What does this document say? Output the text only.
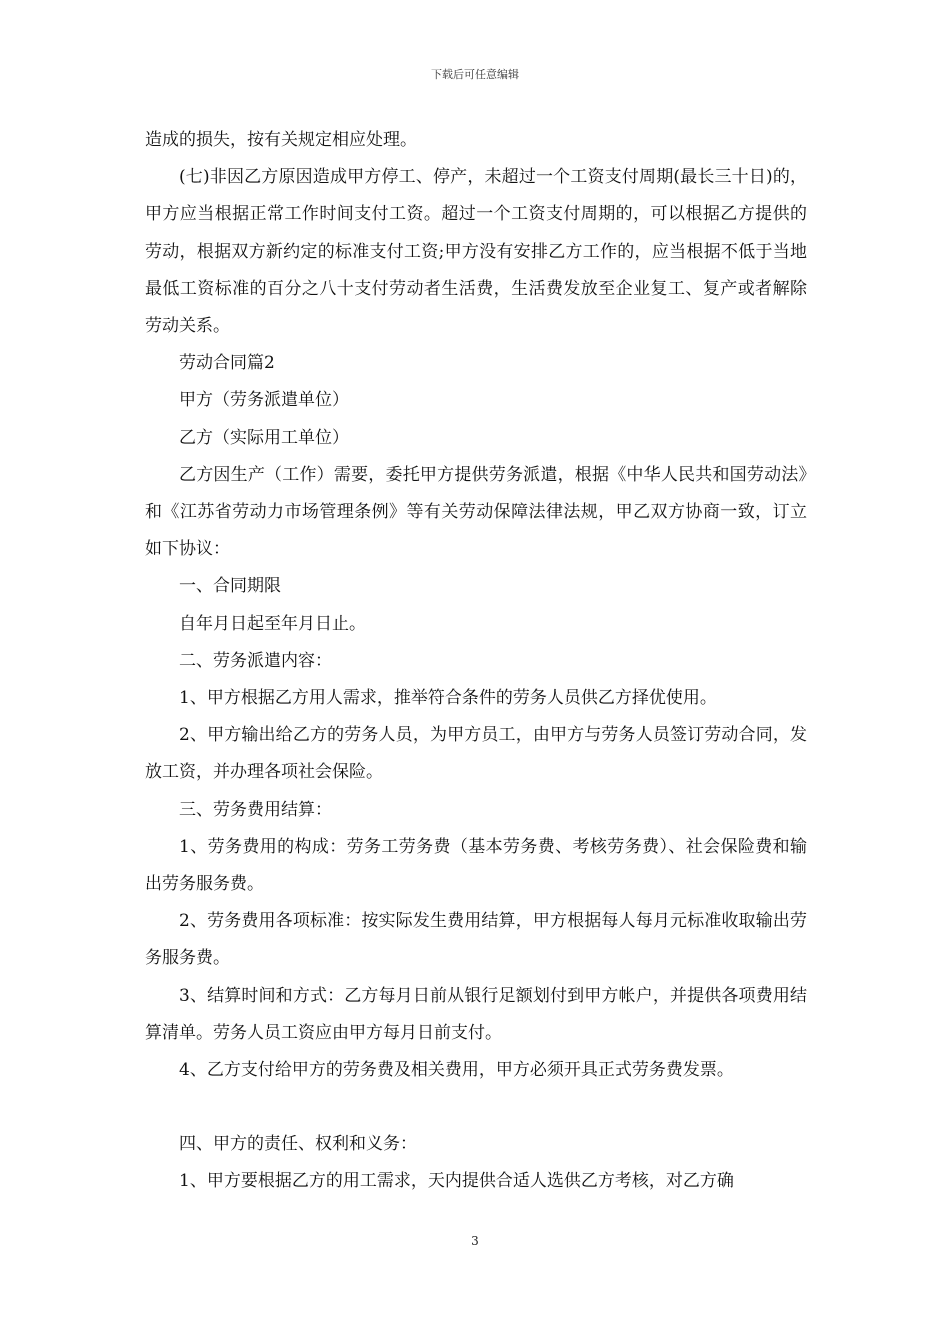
下载后可任意编辑

造成的损失，按有关规定相应处理。

(七)非因乙方原因造成甲方停工、停产，未超过一个工资支付周期(最长三十日)的，甲方应当根据正常工作时间支付工资。超过一个工资支付周期的，可以根据乙方提供的劳动，根据双方新约定的标准支付工资;甲方没有安排乙方工作的，应当根据不低于当地最低工资标准的百分之八十支付劳动者生活费，生活费发放至企业复工、复产或者解除劳动关系。

劳动合同篇2

甲方（劳务派遣单位）

乙方（实际用工单位）

乙方因生产（工作）需要，委托甲方提供劳务派遣，根据《中华人民共和国劳动法》和《江苏省劳动力市场管理条例》等有关劳动保障法律法规，甲乙双方协商一致，订立如下协议：

一、合同期限

自年月日起至年月日止。

二、劳务派遣内容：

1、甲方根据乙方用人需求，推举符合条件的劳务人员供乙方择优使用。

2、甲方输出给乙方的劳务人员，为甲方员工，由甲方与劳务人员签订劳动合同，发放工资，并办理各项社会保险。

三、劳务费用结算：

1、劳务费用的构成：劳务工劳务费（基本劳务费、考核劳务费）、社会保险费和输出劳务服务费。

2、劳务费用各项标准：按实际发生费用结算，甲方根据每人每月元标准收取输出劳务服务费。

3、结算时间和方式：乙方每月日前从银行足额划付到甲方帐户，并提供各项费用结算清单。劳务人员工资应由甲方每月日前支付。

4、乙方支付给甲方的劳务费及相关费用，甲方必须开具正式劳务费发票。

四、甲方的责任、权利和义务：

1、甲方要根据乙方的用工需求，天内提供合适人选供乙方考核，对乙方确

3
